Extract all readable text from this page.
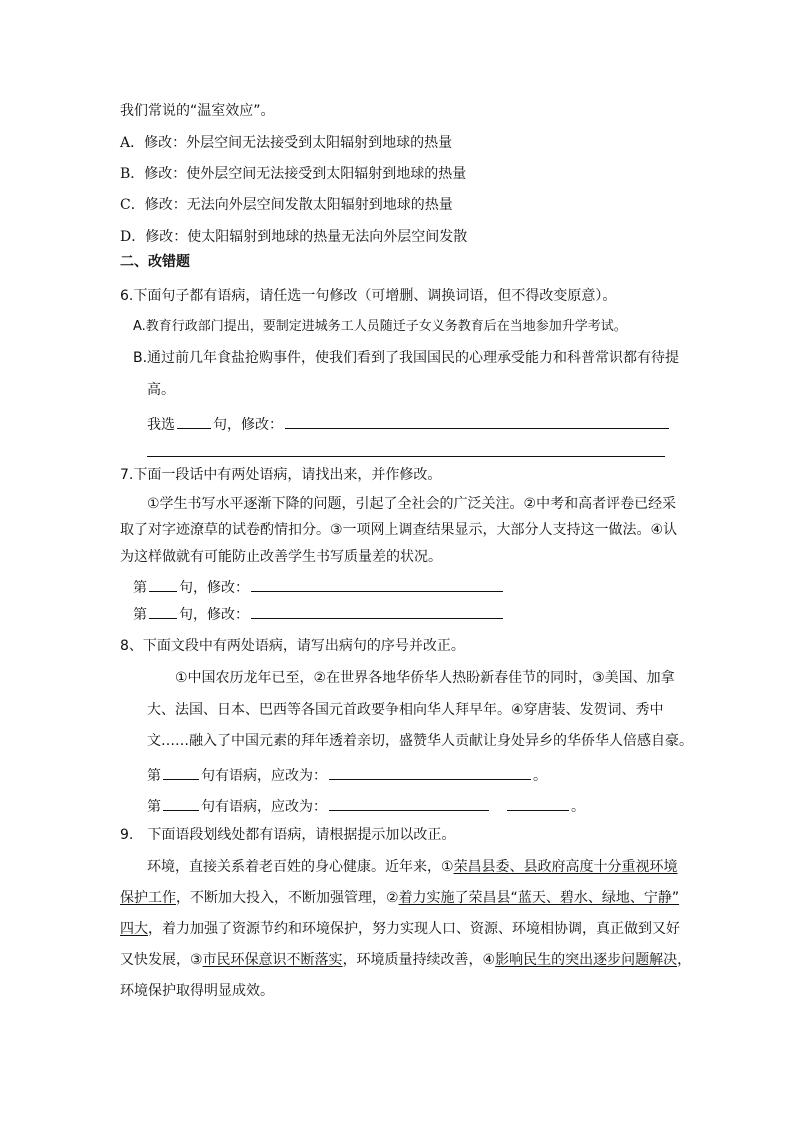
我们常说的“温室效应”。
A．修改：外层空间无法接受到太阳辐射到地球的热量
B．修改：使外层空间无法接受到太阳辐射到地球的热量
C．修改：无法向外层空间发散太阳辐射到地球的热量
D．修改：使太阳辐射到地球的热量无法向外层空间发散
二、改错题
6.下面句子都有语病，请任选一句修改（可增删、调换词语，但不得改变原意）。
A.教育行政部门提出，要制定进城务工人员随迁子女义务教育后在当地参加升学考试。
B.通过前几年食盐抢购事件，使我们看到了我国国民的心理承受能力和科普常识都有待提
高。
我选	句，修改：
7.下面一段话中有两处语病，请找出来，并作修改。
①学生书写水平逐渐下降的问题，引起了全社会的广泛关注。②中考和高者评卷已经采
取了对字迹潦草的试卷酌情扣分。③一项网上调查结果显示，大部分人支持这一做法。④认
为这样做就有可能防止改善学生书写质量差的状况。
第 句，修改：
第 句，修改：
8、下面文段中有两处语病，请写出病句的序号并改正。
①中国农历龙年已至，②在世界各地华侨华人热盼新春佳节的同时，③美国、加拿
大、法国、日本、巴西等各国元首政要争相向华人拜早年。④穿唐装、发贺词、秀中
文……融入了中国元素的拜年透着亲切，盛赞华人贡献让身处异乡的华侨华人倍感自豪。
第	句有语病，应改为：	。
第	句有语病，应改为：	。
9.　下面语段划线处都有语病，请根据提示加以改正。
环境，直接关系着老百姓的身心健康。近年来，①荣昌县委、县政府高度十分重视环境
保护工作，不断加大投入，不断加强管理，②着力实施了荣昌县“蓝天、碧水、绿地、宁静”
四大，着力加强了资源节约和环境保护，努力实现人口、资源、环境相协调，真正做到又好
又快发展，③市民环保意识不断落实，环境质量持续改善，④影响民生的突出逐步问题解决，
环境保护取得明显成效。
